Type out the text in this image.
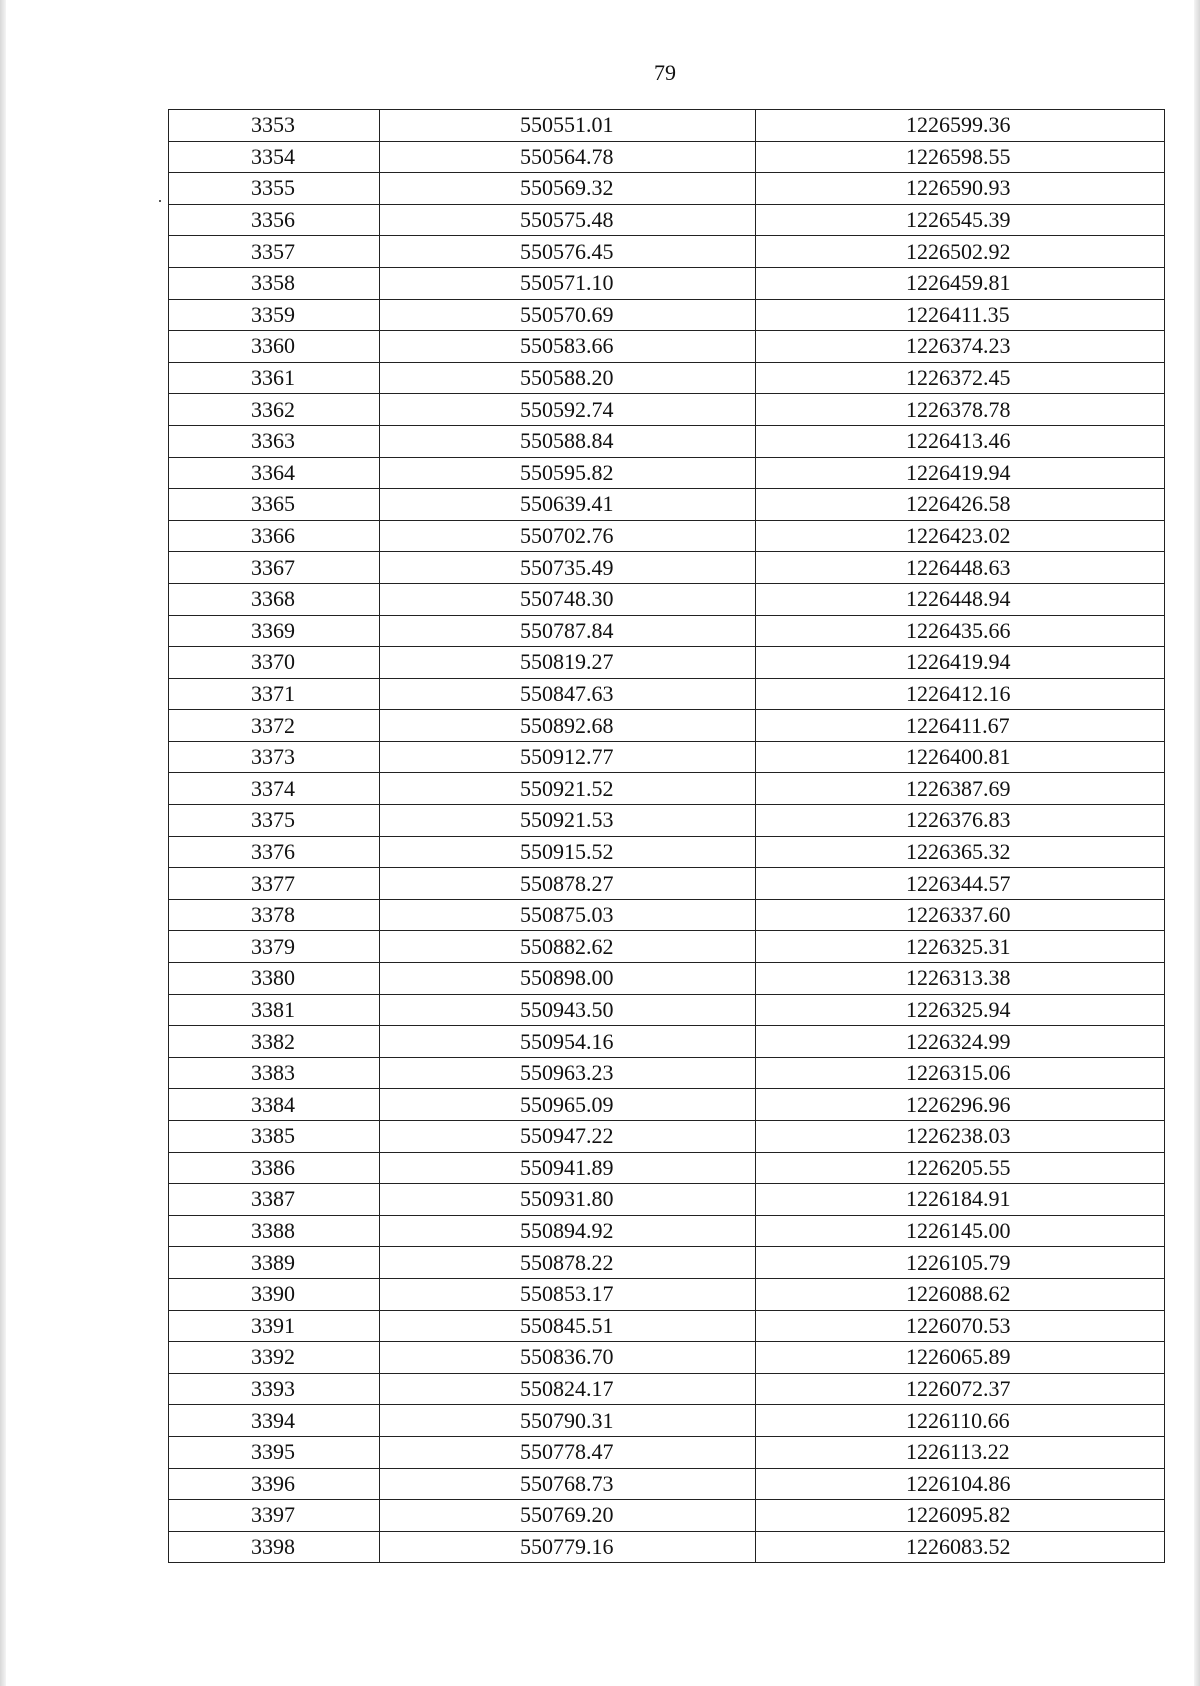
79
3353	550551.01	1226599.36
3354	550564.78	1226598.55
3355	550569.32	1226590.93
3356	550575.48	1226545.39
3357	550576.45	1226502.92
3358	550571.10	1226459.81
3359	550570.69	1226411.35
3360	550583.66	1226374.23
3361	550588.20	1226372.45
3362	550592.74	1226378.78
3363	550588.84	1226413.46
3364	550595.82	1226419.94
3365	550639.41	1226426.58
3366	550702.76	1226423.02
3367	550735.49	1226448.63
3368	550748.30	1226448.94
3369	550787.84	1226435.66
3370	550819.27	1226419.94
3371	550847.63	1226412.16
3372	550892.68	1226411.67
3373	550912.77	1226400.81
3374	550921.52	1226387.69
3375	550921.53	1226376.83
3376	550915.52	1226365.32
3377	550878.27	1226344.57
3378	550875.03	1226337.60
3379	550882.62	1226325.31
3380	550898.00	1226313.38
3381	550943.50	1226325.94
3382	550954.16	1226324.99
3383	550963.23	1226315.06
3384	550965.09	1226296.96
3385	550947.22	1226238.03
3386	550941.89	1226205.55
3387	550931.80	1226184.91
3388	550894.92	1226145.00
3389	550878.22	1226105.79
3390	550853.17	1226088.62
3391	550845.51	1226070.53
3392	550836.70	1226065.89
3393	550824.17	1226072.37
3394	550790.31	1226110.66
3395	550778.47	1226113.22
3396	550768.73	1226104.86
3397	550769.20	1226095.82
3398	550779.16	1226083.52
